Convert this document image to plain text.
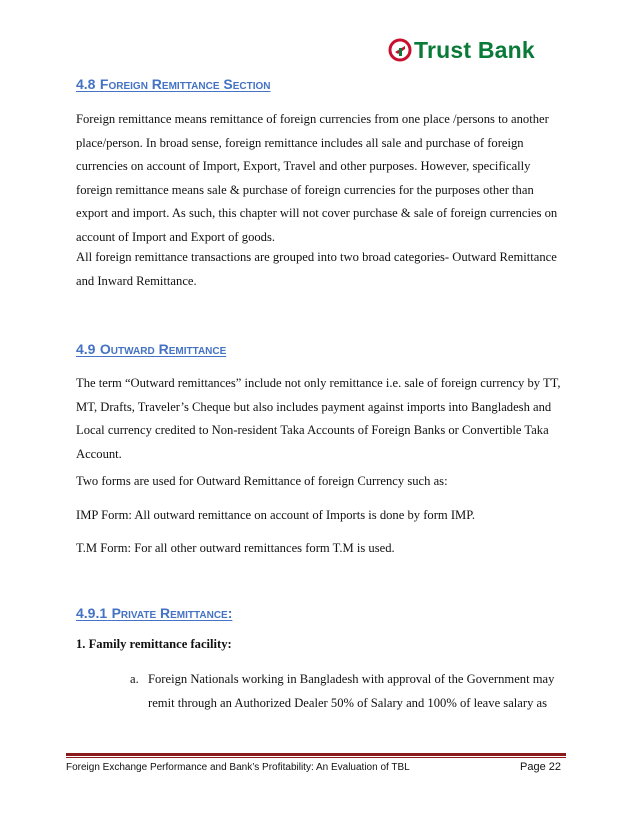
Trust Bank
4.8 Foreign Remittance Section

Foreign remittance means remittance of foreign currencies from one place /persons to another place/person. In broad sense, foreign remittance includes all sale and purchase of foreign currencies on account of Import, Export, Travel and other purposes. However, specifically foreign remittance means sale & purchase of foreign currencies for the purposes other than export and import. As such, this chapter will not cover purchase & sale of foreign currencies on account of Import and Export of goods.

All foreign remittance transactions are grouped into two broad categories- Outward Remittance and Inward Remittance.

4.9 Outward Remittance

The term “Outward remittances” include not only remittance i.e. sale of foreign currency by TT, MT, Drafts, Traveler’s Cheque but also includes payment against imports into Bangladesh and Local currency credited to Non-resident Taka Accounts of Foreign Banks or Convertible Taka Account.

Two forms are used for Outward Remittance of foreign Currency such as:

IMP Form: All outward remittance on account of Imports is done by form IMP.

T.M Form: For all other outward remittances form T.M is used.

4.9.1 Private Remittance:
1. Family remittance facility:
a. Foreign Nationals working in Bangladesh with approval of the Government may remit through an Authorized Dealer 50% of Salary and 100% of leave salary as
Foreign Exchange Performance and Bank’s Profitability: An Evaluation of TBL	Page 22
